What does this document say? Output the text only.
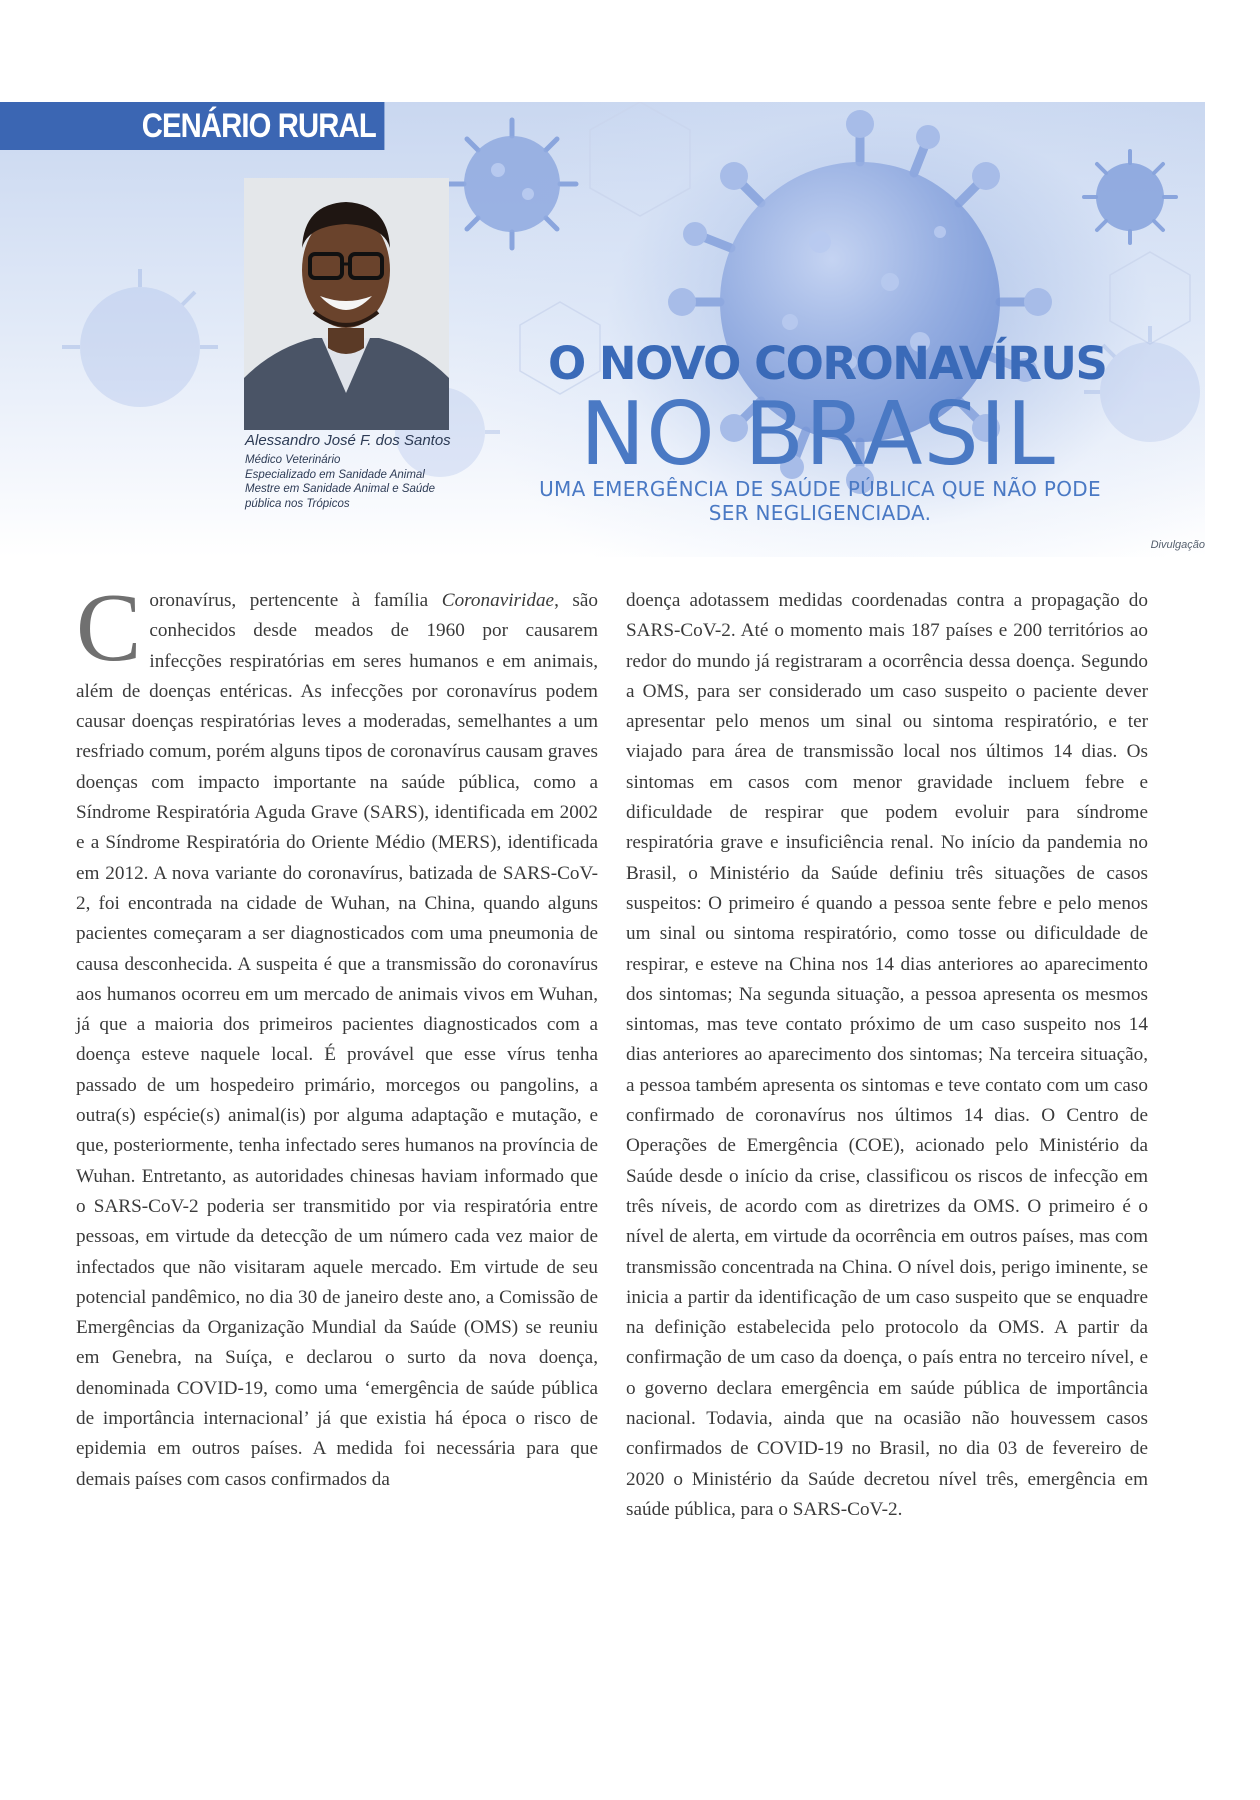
CENÁRIO RURAL
Alessandro José F. dos Santos
Médico Veterinário
Especializado em Sanidade Animal
Mestre em Sanidade Animal e Saúde
pública nos Trópicos
O NOVO CORONAVÍRUS
NO BRASIL
UMA EMERGÊNCIA DE SAÚDE PÚBLICA QUE NÃO PODE SER NEGLIGENCIADA.
Divulgação
Coronavírus, pertencente à família Coronaviridae, são conhecidos desde meados de 1960 por causarem infecções respiratórias em seres humanos e em animais, além de doenças entéricas. As infecções por coronavírus podem causar doenças respiratórias leves a moderadas, semelhantes a um resfriado comum, porém alguns tipos de coronavírus causam graves doenças com impacto importante na saúde pública, como a Síndrome Respiratória Aguda Grave (SARS), identificada em 2002 e a Síndrome Respiratória do Oriente Médio (MERS), identificada em 2012. A nova variante do coronavírus, batizada de SARS-CoV-2, foi encontrada na cidade de Wuhan, na China, quando alguns pacientes começaram a ser diagnosticados com uma pneumonia de causa desconhecida. A suspeita é que a transmissão do coronavírus aos humanos ocorreu em um mercado de animais vivos em Wuhan, já que a maioria dos primeiros pacientes diagnosticados com a doença esteve naquele local. É provável que esse vírus tenha passado de um hospedeiro primário, morcegos ou pangolins, a outra(s) espécie(s) animal(is) por alguma adaptação e mutação, e que, posteriormente, tenha infectado seres humanos na província de Wuhan. Entretanto, as autoridades chinesas haviam informado que o SARS-CoV-2 poderia ser transmitido por via respiratória entre pessoas, em virtude da detecção de um número cada vez maior de infectados que não visitaram aquele mercado. Em virtude de seu potencial pandêmico, no dia 30 de janeiro deste ano, a Comissão de Emergências da Organização Mundial da Saúde (OMS) se reuniu em Genebra, na Suíça, e declarou o surto da nova doença, denominada COVID-19, como uma ‘emergência de saúde pública de importância internacional’ já que existia há época o risco de epidemia em outros países. A medida foi necessária para que demais países com casos confirmados da
doença adotassem medidas coordenadas contra a propagação do SARS-CoV-2. Até o momento mais 187 países e 200 territórios ao redor do mundo já registraram a ocorrência dessa doença. Segundo a OMS, para ser considerado um caso suspeito o paciente dever apresentar pelo menos um sinal ou sintoma respiratório, e ter viajado para área de transmissão local nos últimos 14 dias. Os sintomas em casos com menor gravidade incluem febre e dificuldade de respirar que podem evoluir para síndrome respiratória grave e insuficiência renal. No início da pandemia no Brasil, o Ministério da Saúde definiu três situações de casos suspeitos: O primeiro é quando a pessoa sente febre e pelo menos um sinal ou sintoma respiratório, como tosse ou dificuldade de respirar, e esteve na China nos 14 dias anteriores ao aparecimento dos sintomas; Na segunda situação, a pessoa apresenta os mesmos sintomas, mas teve contato próximo de um caso suspeito nos 14 dias anteriores ao aparecimento dos sintomas; Na terceira situação, a pessoa também apresenta os sintomas e teve contato com um caso confirmado de coronavírus nos últimos 14 dias. O Centro de Operações de Emergência (COE), acionado pelo Ministério da Saúde desde o início da crise, classificou os riscos de infecção em três níveis, de acordo com as diretrizes da OMS. O primeiro é o nível de alerta, em virtude da ocorrência em outros países, mas com transmissão concentrada na China. O nível dois, perigo iminente, se inicia a partir da identificação de um caso suspeito que se enquadre na definição estabelecida pelo protocolo da OMS. A partir da confirmação de um caso da doença, o país entra no terceiro nível, e o governo declara emergência em saúde pública de importância nacional. Todavia, ainda que na ocasião não houvessem casos confirmados de COVID-19 no Brasil, no dia 03 de fevereiro de 2020 o Ministério da Saúde decretou nível três, emergência em saúde pública, para o SARS-CoV-2.
